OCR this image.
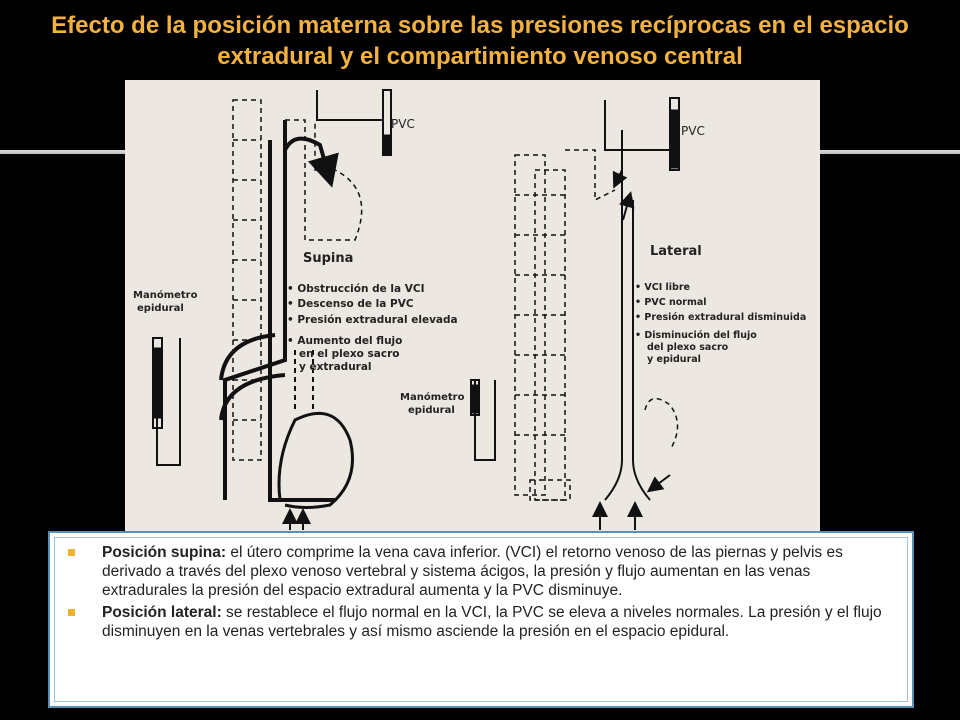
Efecto de la posición materna sobre las presiones recíprocas en el espacio extradural y el compartimiento venoso central
PVC
Supina
Manómetro
epidural
• Obstrucción de la VCI
• Descenso de la PVC
• Presión extradural elevada
• Aumento del flujo
en el plexo sacro
y extradural
PVC
Lateral
Manómetro
epidural
• VCI libre
• PVC normal
• Presión extradural disminuida
• Disminución del flujo
del plexo sacro
y epidural
Posición supina: el útero comprime la vena cava inferior. (VCI) el retorno venoso de las piernas y pelvis es derivado a través del plexo venoso vertebral y sistema ácigos, la presión y flujo aumentan en las venas extradurales la presión del espacio extradural aumenta y la PVC disminuye.
Posición lateral: se restablece el flujo normal en la VCI, la PVC se eleva a niveles normales. La presión y el flujo disminuyen en la venas vertebrales y así mismo asciende la presión en el espacio epidural.
